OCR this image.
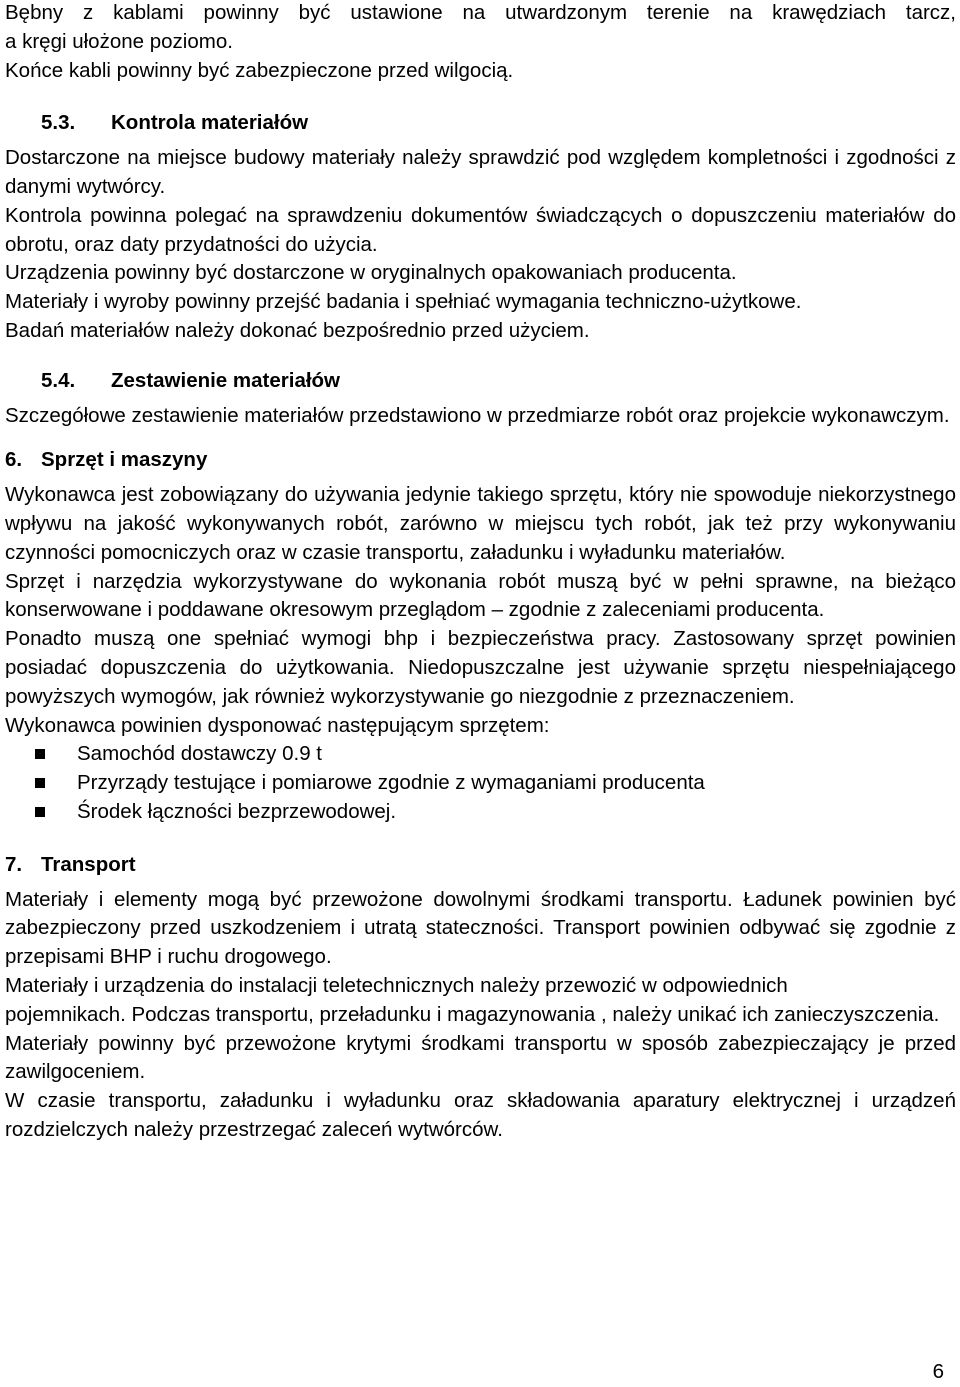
Bębny z kablami powinny być ustawione na utwardzonym terenie na krawędziach tarcz,

a kręgi ułożone poziomo.

Końce kabli powinny być zabezpieczone przed wilgocią.

5.3. Kontrola materiałów

Dostarczone na miejsce budowy materiały należy sprawdzić pod względem kompletności i zgodności z danymi wytwórcy.

Kontrola powinna polegać na sprawdzeniu dokumentów świadczących o dopuszczeniu materiałów do obrotu, oraz daty przydatności do użycia.

Urządzenia powinny być dostarczone w oryginalnych opakowaniach producenta.

Materiały i wyroby powinny przejść badania i spełniać wymagania techniczno-użytkowe.

Badań materiałów należy dokonać bezpośrednio przed użyciem.

5.4. Zestawienie materiałów

Szczegółowe zestawienie materiałów przedstawiono w przedmiarze robót oraz projekcie wykonawczym.

6. Sprzęt i maszyny

Wykonawca jest zobowiązany do używania jedynie takiego sprzętu, który nie spowoduje niekorzystnego wpływu na jakość wykonywanych robót, zarówno w miejscu tych robót, jak też przy wykonywaniu czynności pomocniczych oraz w czasie transportu, załadunku i wyładunku materiałów.

Sprzęt i narzędzia wykorzystywane do wykonania robót muszą być w pełni sprawne, na bieżąco konserwowane i poddawane okresowym przeglądom – zgodnie z zaleceniami producenta.

Ponadto muszą one spełniać wymogi bhp i bezpieczeństwa pracy. Zastosowany sprzęt powinien posiadać dopuszczenia do użytkowania. Niedopuszczalne jest używanie sprzętu niespełniającego powyższych wymogów, jak również wykorzystywanie go niezgodnie z przeznaczeniem.

Wykonawca powinien dysponować następującym sprzętem:

Samochód dostawczy 0.9 t
Przyrządy testujące i pomiarowe zgodnie z wymaganiami producenta
Środek łączności bezprzewodowej.

7. Transport

Materiały i elementy mogą być przewożone dowolnymi środkami transportu. Ładunek powinien być zabezpieczony przed uszkodzeniem i utratą stateczności. Transport powinien odbywać się zgodnie z przepisami BHP i ruchu drogowego.

Materiały i urządzenia do instalacji teletechnicznych należy przewozić w odpowiednich

pojemnikach. Podczas transportu, przeładunku i magazynowania , należy unikać ich zanieczyszczenia.

Materiały powinny być przewożone krytymi środkami transportu w sposób zabezpieczający je przed zawilgoceniem.

W czasie transportu, załadunku i wyładunku oraz składowania aparatury elektrycznej i urządzeń rozdzielczych należy przestrzegać zaleceń wytwórców.

6
